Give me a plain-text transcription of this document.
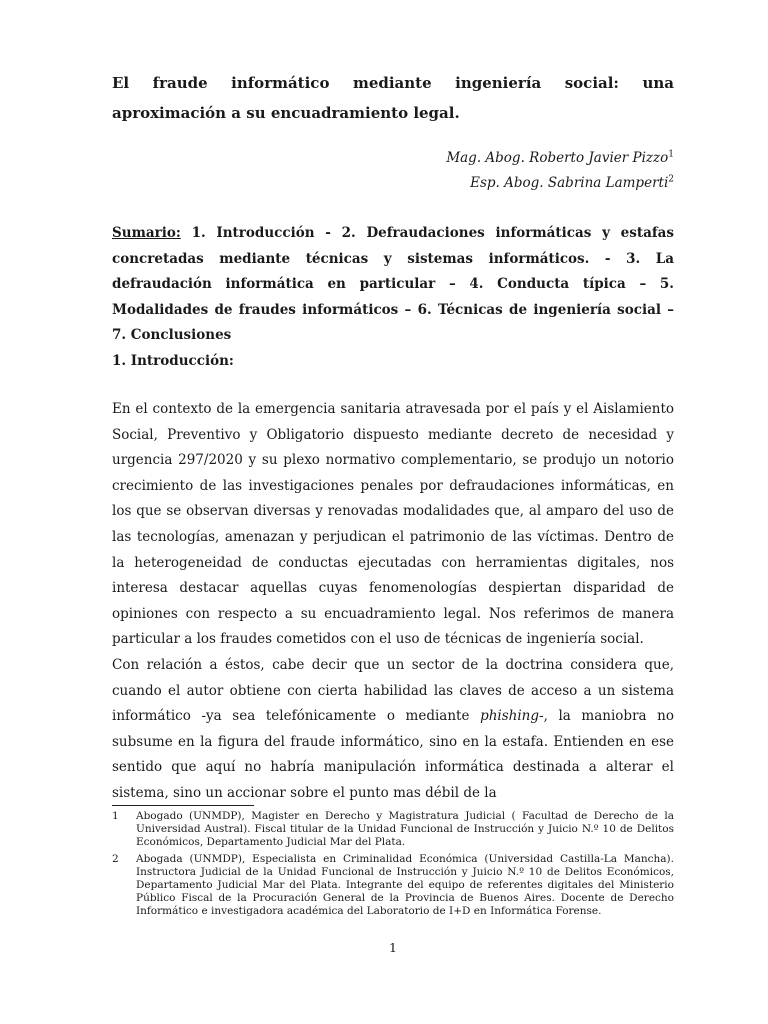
El fraude informático mediante ingeniería social: una aproximación a su encuadramiento legal.
Mag. Abog. Roberto Javier Pizzo$^1$
Esp. Abog. Sabrina Lamperti$^2$
Sumario: 1. Introducción - 2. Defraudaciones informáticas y estafas concretadas mediante técnicas y sistemas informáticos. - 3. La defraudación informática en particular – 4. Conducta típica – 5. Modalidades de fraudes informáticos – 6. Técnicas de ingeniería social – 7. Conclusiones
1. Introducción:

En el contexto de la emergencia sanitaria atravesada por el país y el Aislamiento Social, Preventivo y Obligatorio dispuesto mediante decreto de necesidad y urgencia 297/2020 y su plexo normativo complementario, se produjo un notorio crecimiento de las investigaciones penales por defraudaciones informáticas, en los que se observan diversas y renovadas modalidades que, al amparo del uso de las tecnologías, amenazan y perjudican el patrimonio de las víctimas. Dentro de la heterogeneidad de conductas ejecutadas con herramientas digitales, nos interesa destacar aquellas cuyas fenomenologías despiertan disparidad de opiniones con respecto a su encuadramiento legal. Nos referimos de manera particular a los fraudes cometidos con el uso de técnicas de ingeniería social.

Con relación a éstos, cabe decir que un sector de la doctrina considera que, cuando el autor obtiene con cierta habilidad las claves de acceso a un sistema informático -ya sea telefónicamente o mediante phishing-, la maniobra no subsume en la figura del fraude informático, sino en la estafa. Entienden en ese sentido que aquí no habría manipulación informática destinada a alterar el sistema, sino un accionar sobre el punto mas débil de la

1	Abogado (UNMDP), Magister en Derecho y Magistratura Judicial ( Facultad de Derecho de la Universidad Austral). Fiscal titular de la Unidad Funcional de Instrucción y Juicio N.º 10 de Delitos Económicos, Departamento Judicial Mar del Plata.
2	Abogada (UNMDP), Especialista en Criminalidad Económica (Universidad Castilla-La Mancha). Instructora Judicial de la Unidad Funcional de Instrucción y Juicio N.º 10 de Delitos Económicos, Departamento Judicial Mar del Plata. Integrante del equipo de referentes digitales del Ministerio Público Fiscal de la Procuración General de la Provincia de Buenos Aires. Docente de Derecho Informático e investigadora académica del Laboratorio de I+D en Informática Forense.
1
